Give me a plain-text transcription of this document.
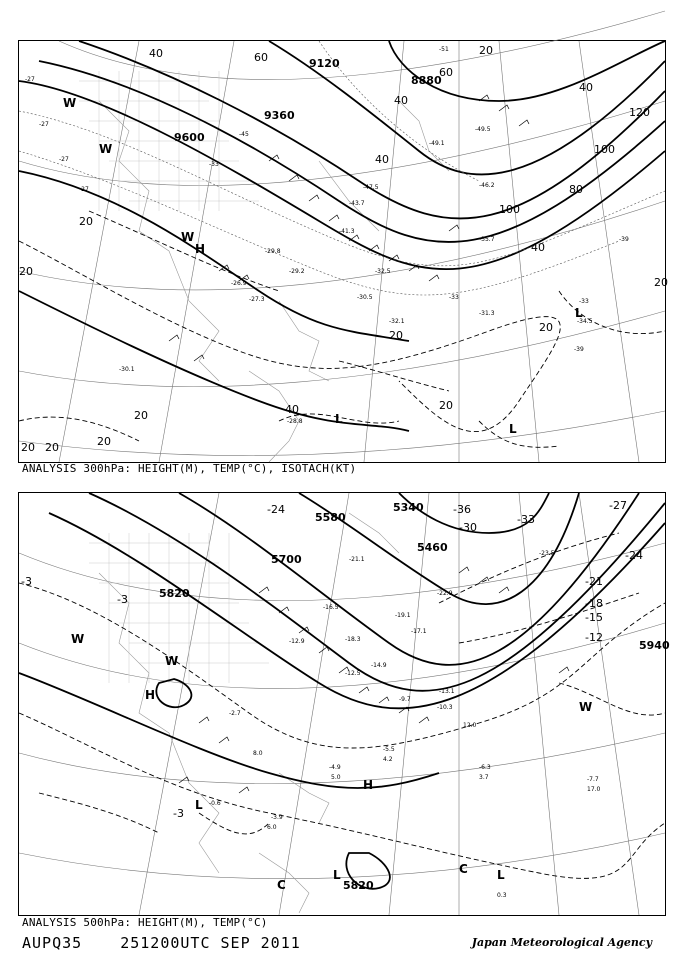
9120
8880
9360
9600
20
20
20
20
20
20
20
20 20	20
20
40
40
40
40
40
40
60
60
80
100
100
120
-27
-27
-27
-27
-33
-33
-33
-39
-39
-45
-51
-41.3
-43.7
-47.5
-49.1
-49.5
-46.2
-32.5
-35.7
-31.3
-32.1	-34.5
-30.5
-29.2
-29.8
-27.3
-26.9
-30.1
-28.8
W
W
W
H
L
L
L
ANALYSIS 300hPa: HEIGHT(M), TEMP(°C), ISOTACH(KT)
5700
5820
5820
5940
5340
5460
5580
-3
-3
-3
-12
-15
-18
-21
-24
-24	-27
-30
-33
-36
-21.1
-19.1
-18.3
-16.5
-12.9
-12.5
-9.7
-7.7
-6.3
-5.5
-4.9
-3.9
-2.7
-0.6
-10.3
-13.1
-14.9
-17.1
-22.9
-23.5
17.0
12.0
8.0
6.0
5.0
4.2
3.7
0.3
H
H
L
L	L
W
W
W
C
C
ANALYSIS 500hPa: HEIGHT(M), TEMP(°C)
AUPQ35	251200UTC SEP 2011	Japan Meteorological Agency
